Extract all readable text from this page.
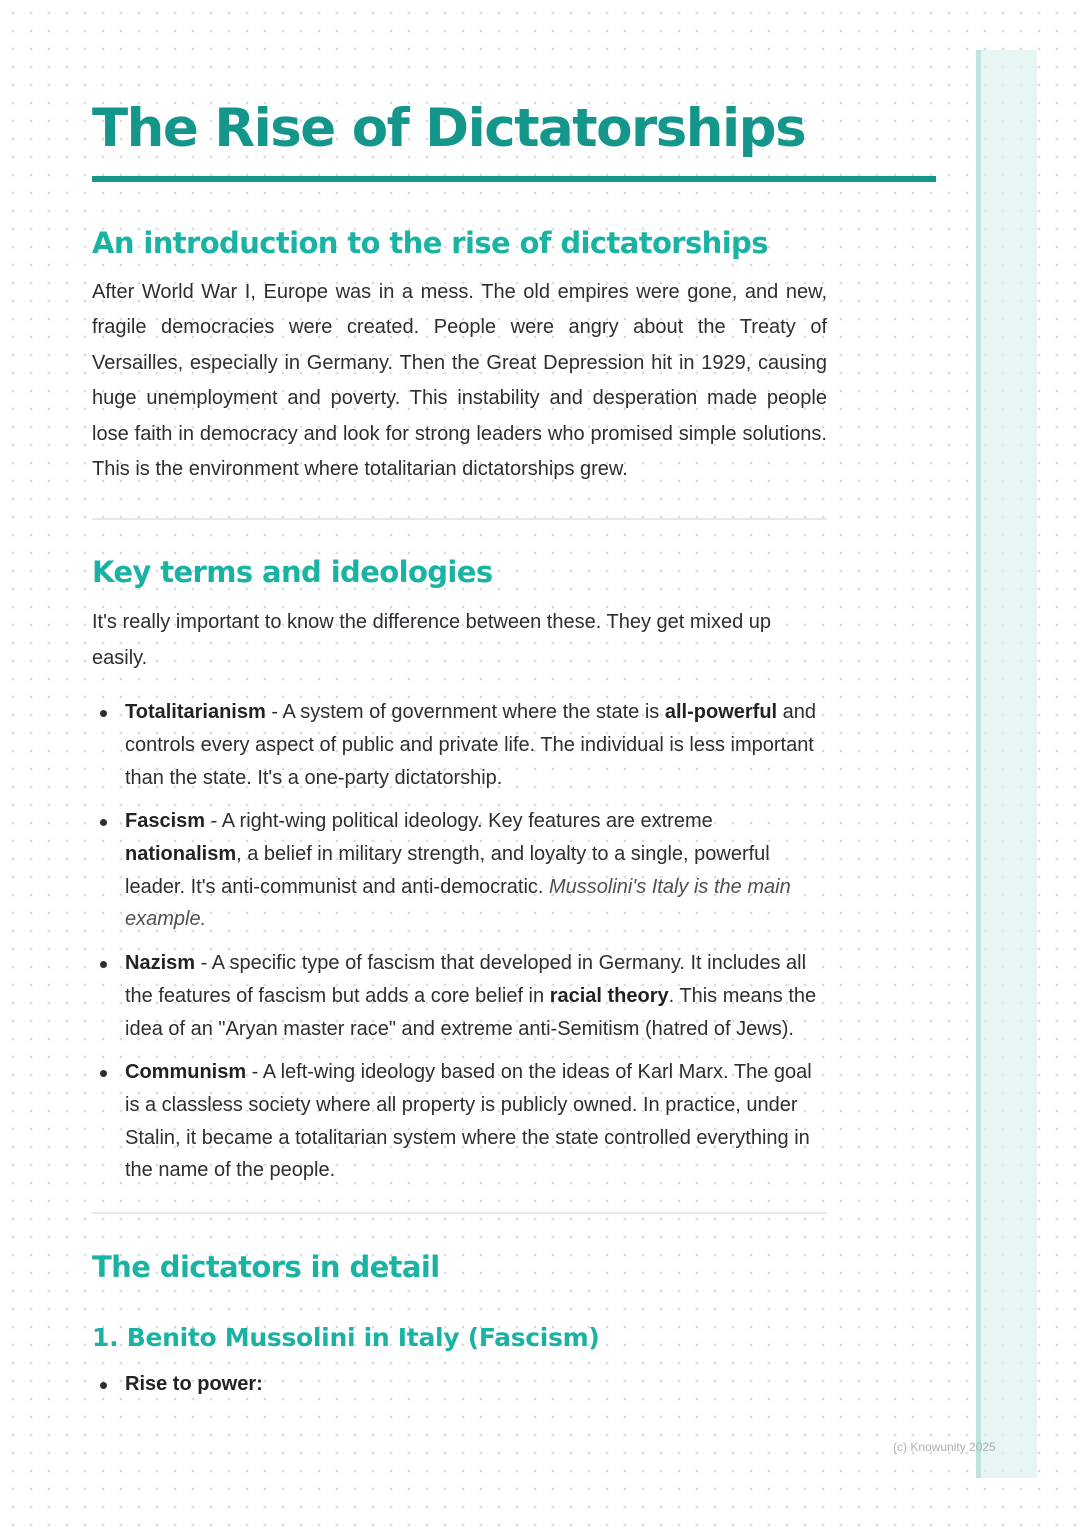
The Rise of Dictatorships
An introduction to the rise of dictatorships

After World War I, Europe was in a mess. The old empires were gone, and new, fragile democracies were created. People were angry about the Treaty of Versailles, especially in Germany. Then the Great Depression hit in 1929, causing huge unemployment and poverty. This instability and desperation made people lose faith in democracy and look for strong leaders who promised simple solutions. This is the environment where totalitarian dictatorships grew.

Key terms and ideologies

It's really important to know the difference between these. They get mixed up easily.

Totalitarianism - A system of government where the state is all-powerful and controls every aspect of public and private life. The individual is less important than the state. It's a one-party dictatorship.
Fascism - A right-wing political ideology. Key features are extreme nationalism, a belief in military strength, and loyalty to a single, powerful leader. It's anti-communist and anti-democratic. Mussolini's Italy is the main example.
Nazism - A specific type of fascism that developed in Germany. It includes all the features of fascism but adds a core belief in racial theory. This means the idea of an "Aryan master race" and extreme anti-Semitism (hatred of Jews).
Communism - A left-wing ideology based on the ideas of Karl Marx. The goal is a classless society where all property is publicly owned. In practice, under Stalin, it became a totalitarian system where the state controlled everything in the name of the people.
The dictators in detail
1. Benito Mussolini in Italy (Fascism)
Rise to power:
(c) Knowunity 2025
